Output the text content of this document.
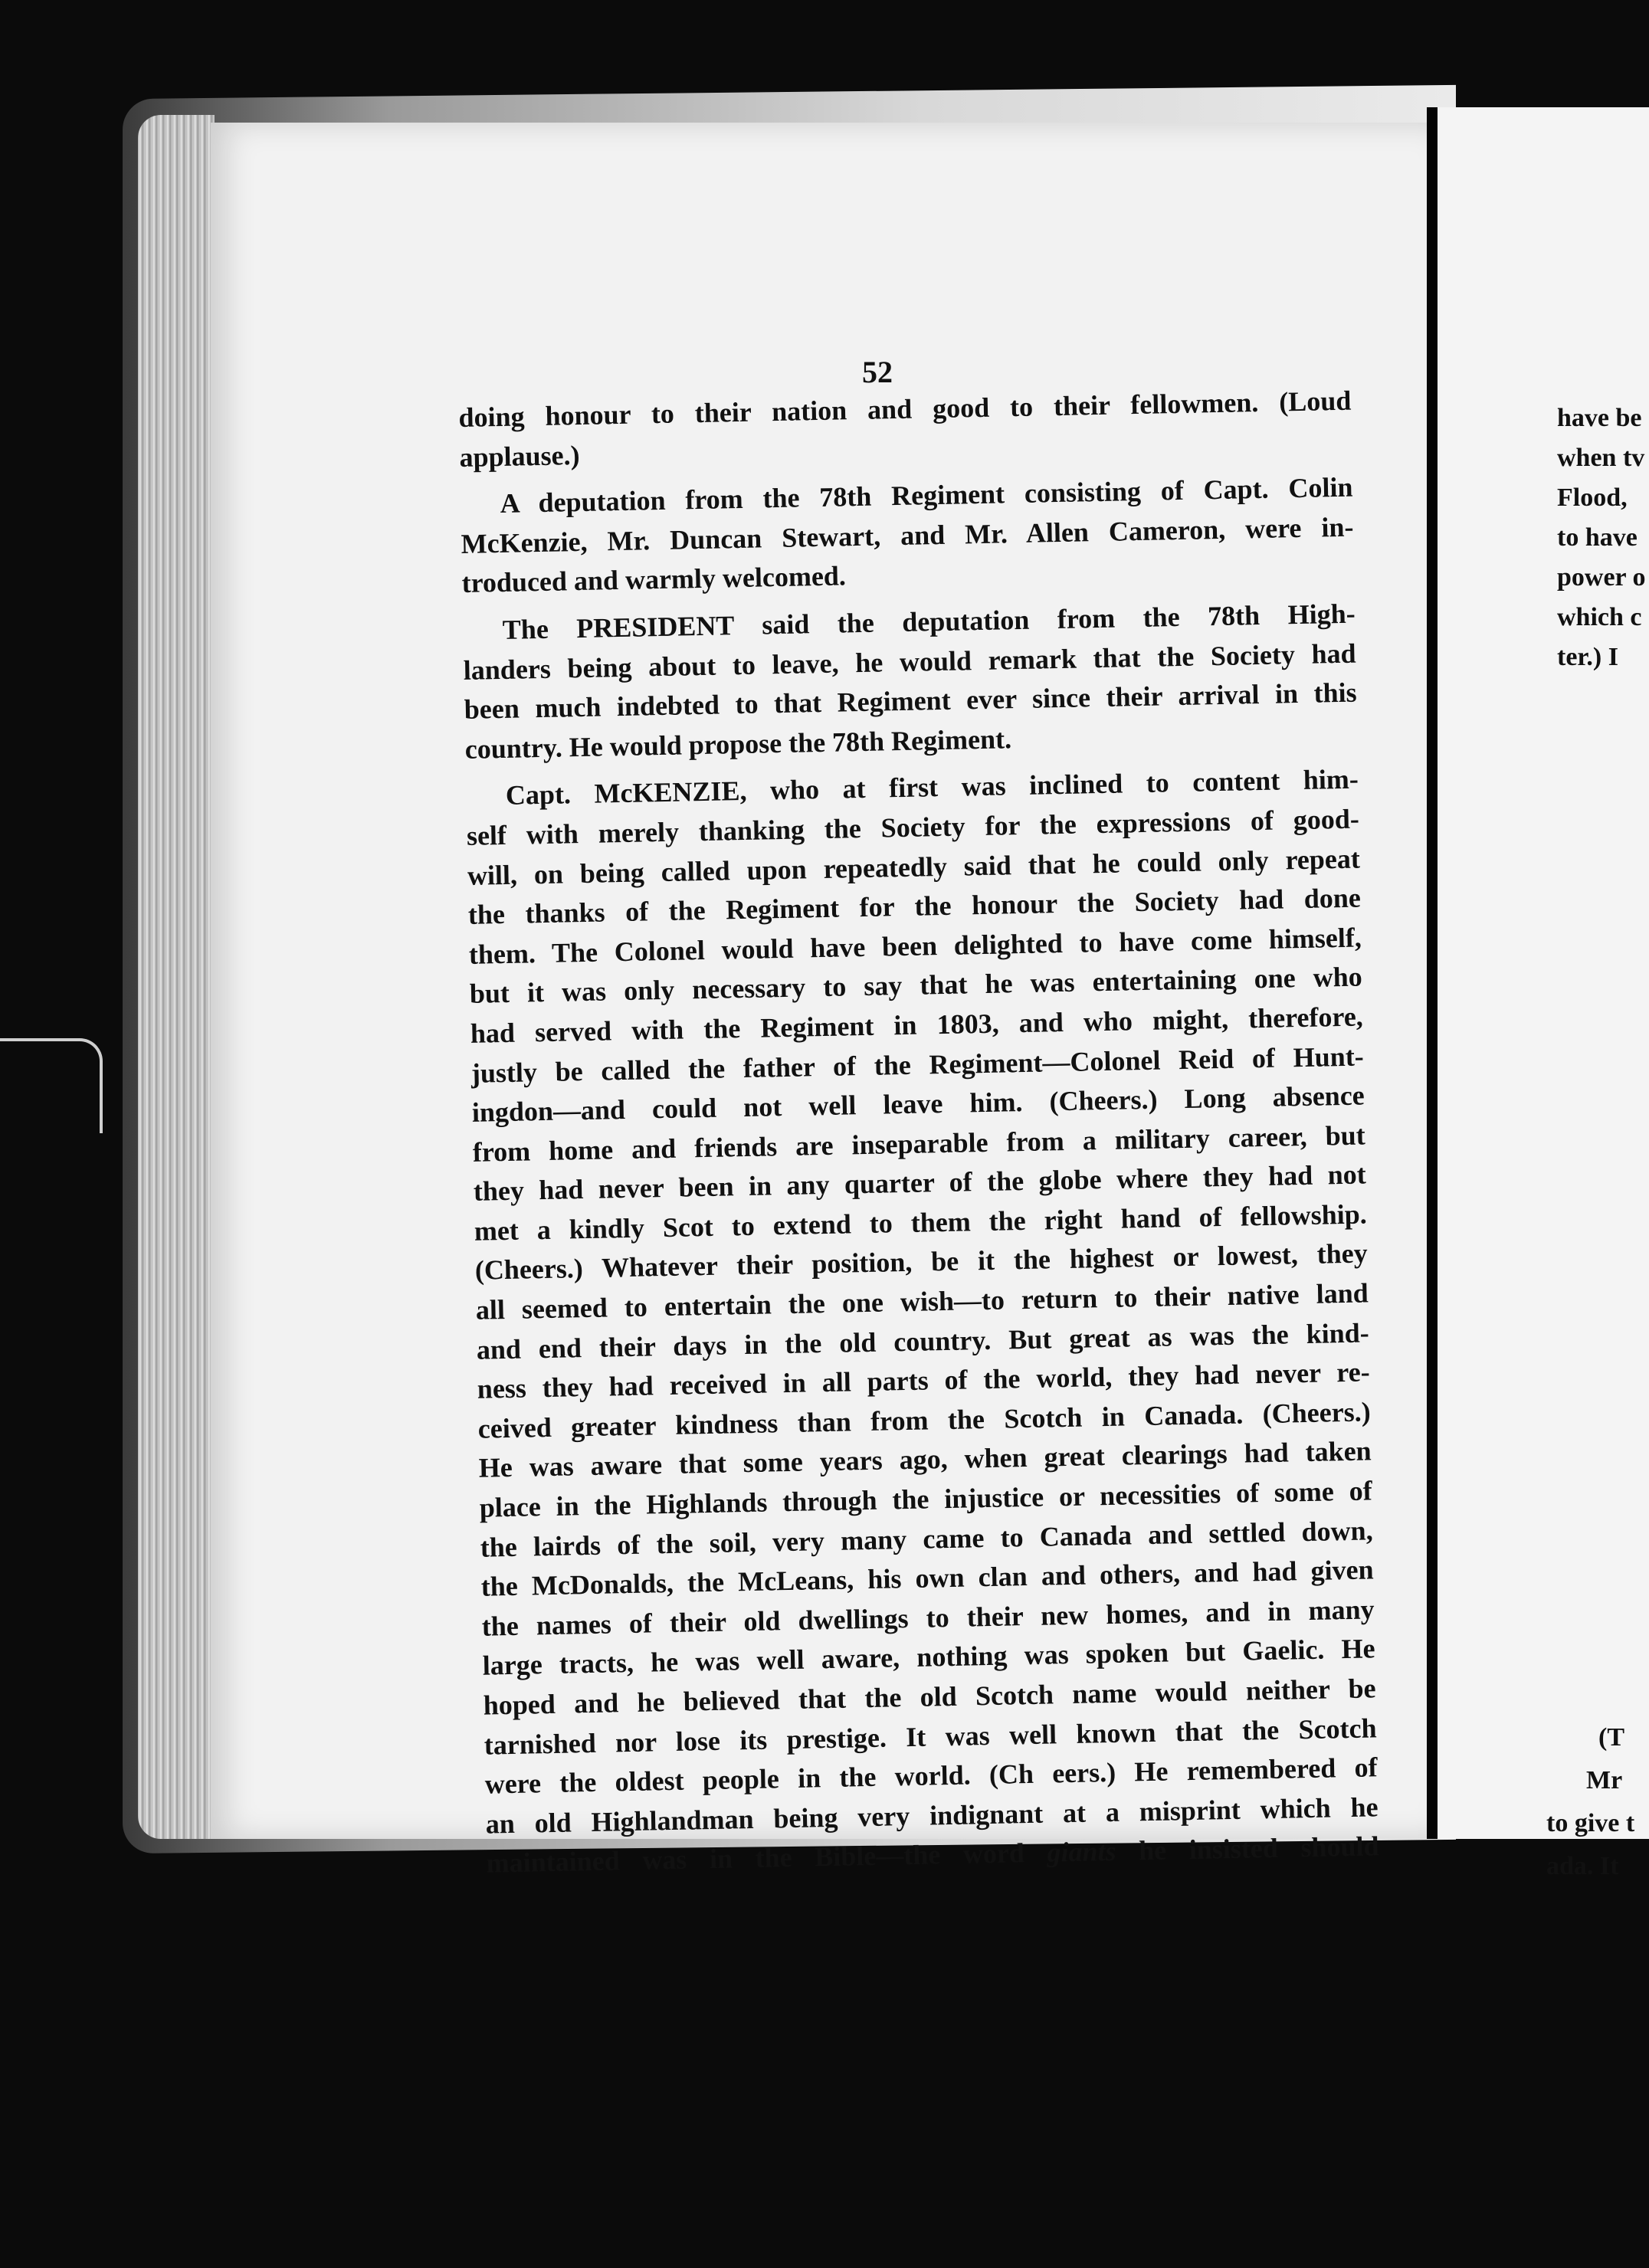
52
doing honour to their nation and good to their fellowmen. (Loud
applause.)
A deputation from the 78th Regiment consisting of Capt. Colin
McKenzie, Mr. Duncan Stewart, and Mr. Allen Cameron, were in-
troduced and warmly welcomed.
The PRESIDENT said the deputation from the 78th High-
landers being about to leave, he would remark that the Society had
been much indebted to that Regiment ever since their arrival in this
country. He would propose the 78th Regiment.
Capt. McKENZIE, who at first was inclined to content him-
self with merely thanking the Society for the expressions of good-
will, on being called upon repeatedly said that he could only repeat
the thanks of the Regiment for the honour the Society had done
them. The Colonel would have been delighted to have come himself,
but it was only necessary to say that he was entertaining one who
had served with the Regiment in 1803, and who might, therefore,
justly be called the father of the Regiment—Colonel Reid of Hunt-
ingdon—and could not well leave him. (Cheers.) Long absence
from home and friends are inseparable from a military career, but
they had never been in any quarter of the globe where they had not
met a kindly Scot to extend to them the right hand of fellowship.
(Cheers.) Whatever their position, be it the highest or lowest, they
all seemed to entertain the one wish—to return to their native land
and end their days in the old country. But great as was the kind-
ness they had received in all parts of the world, they had never re-
ceived greater kindness than from the Scotch in Canada. (Cheers.)
He was aware that some years ago, when great clearings had taken
place in the Highlands through the injustice or necessities of some of
the lairds of the soil, very many came to Canada and settled down,
the McDonalds, the McLeans, his own clan and others, and had given
the names of their old dwellings to their new homes, and in many
large tracts, he was well aware, nothing was spoken but Gaelic. He
hoped and he believed that the old Scotch name would neither be
tarnished nor lose its prestige. It was well known that the Scotch
were the oldest people in the world. (Ch eers.) He remembered of
an old Highlandman being very indignant at a misprint which he
maintained was in the Bible—the word giants he insisted should
have be
when tv
Flood,
to have
power o
which c
ter.) I
(T
Mr
to give t
ada. It
